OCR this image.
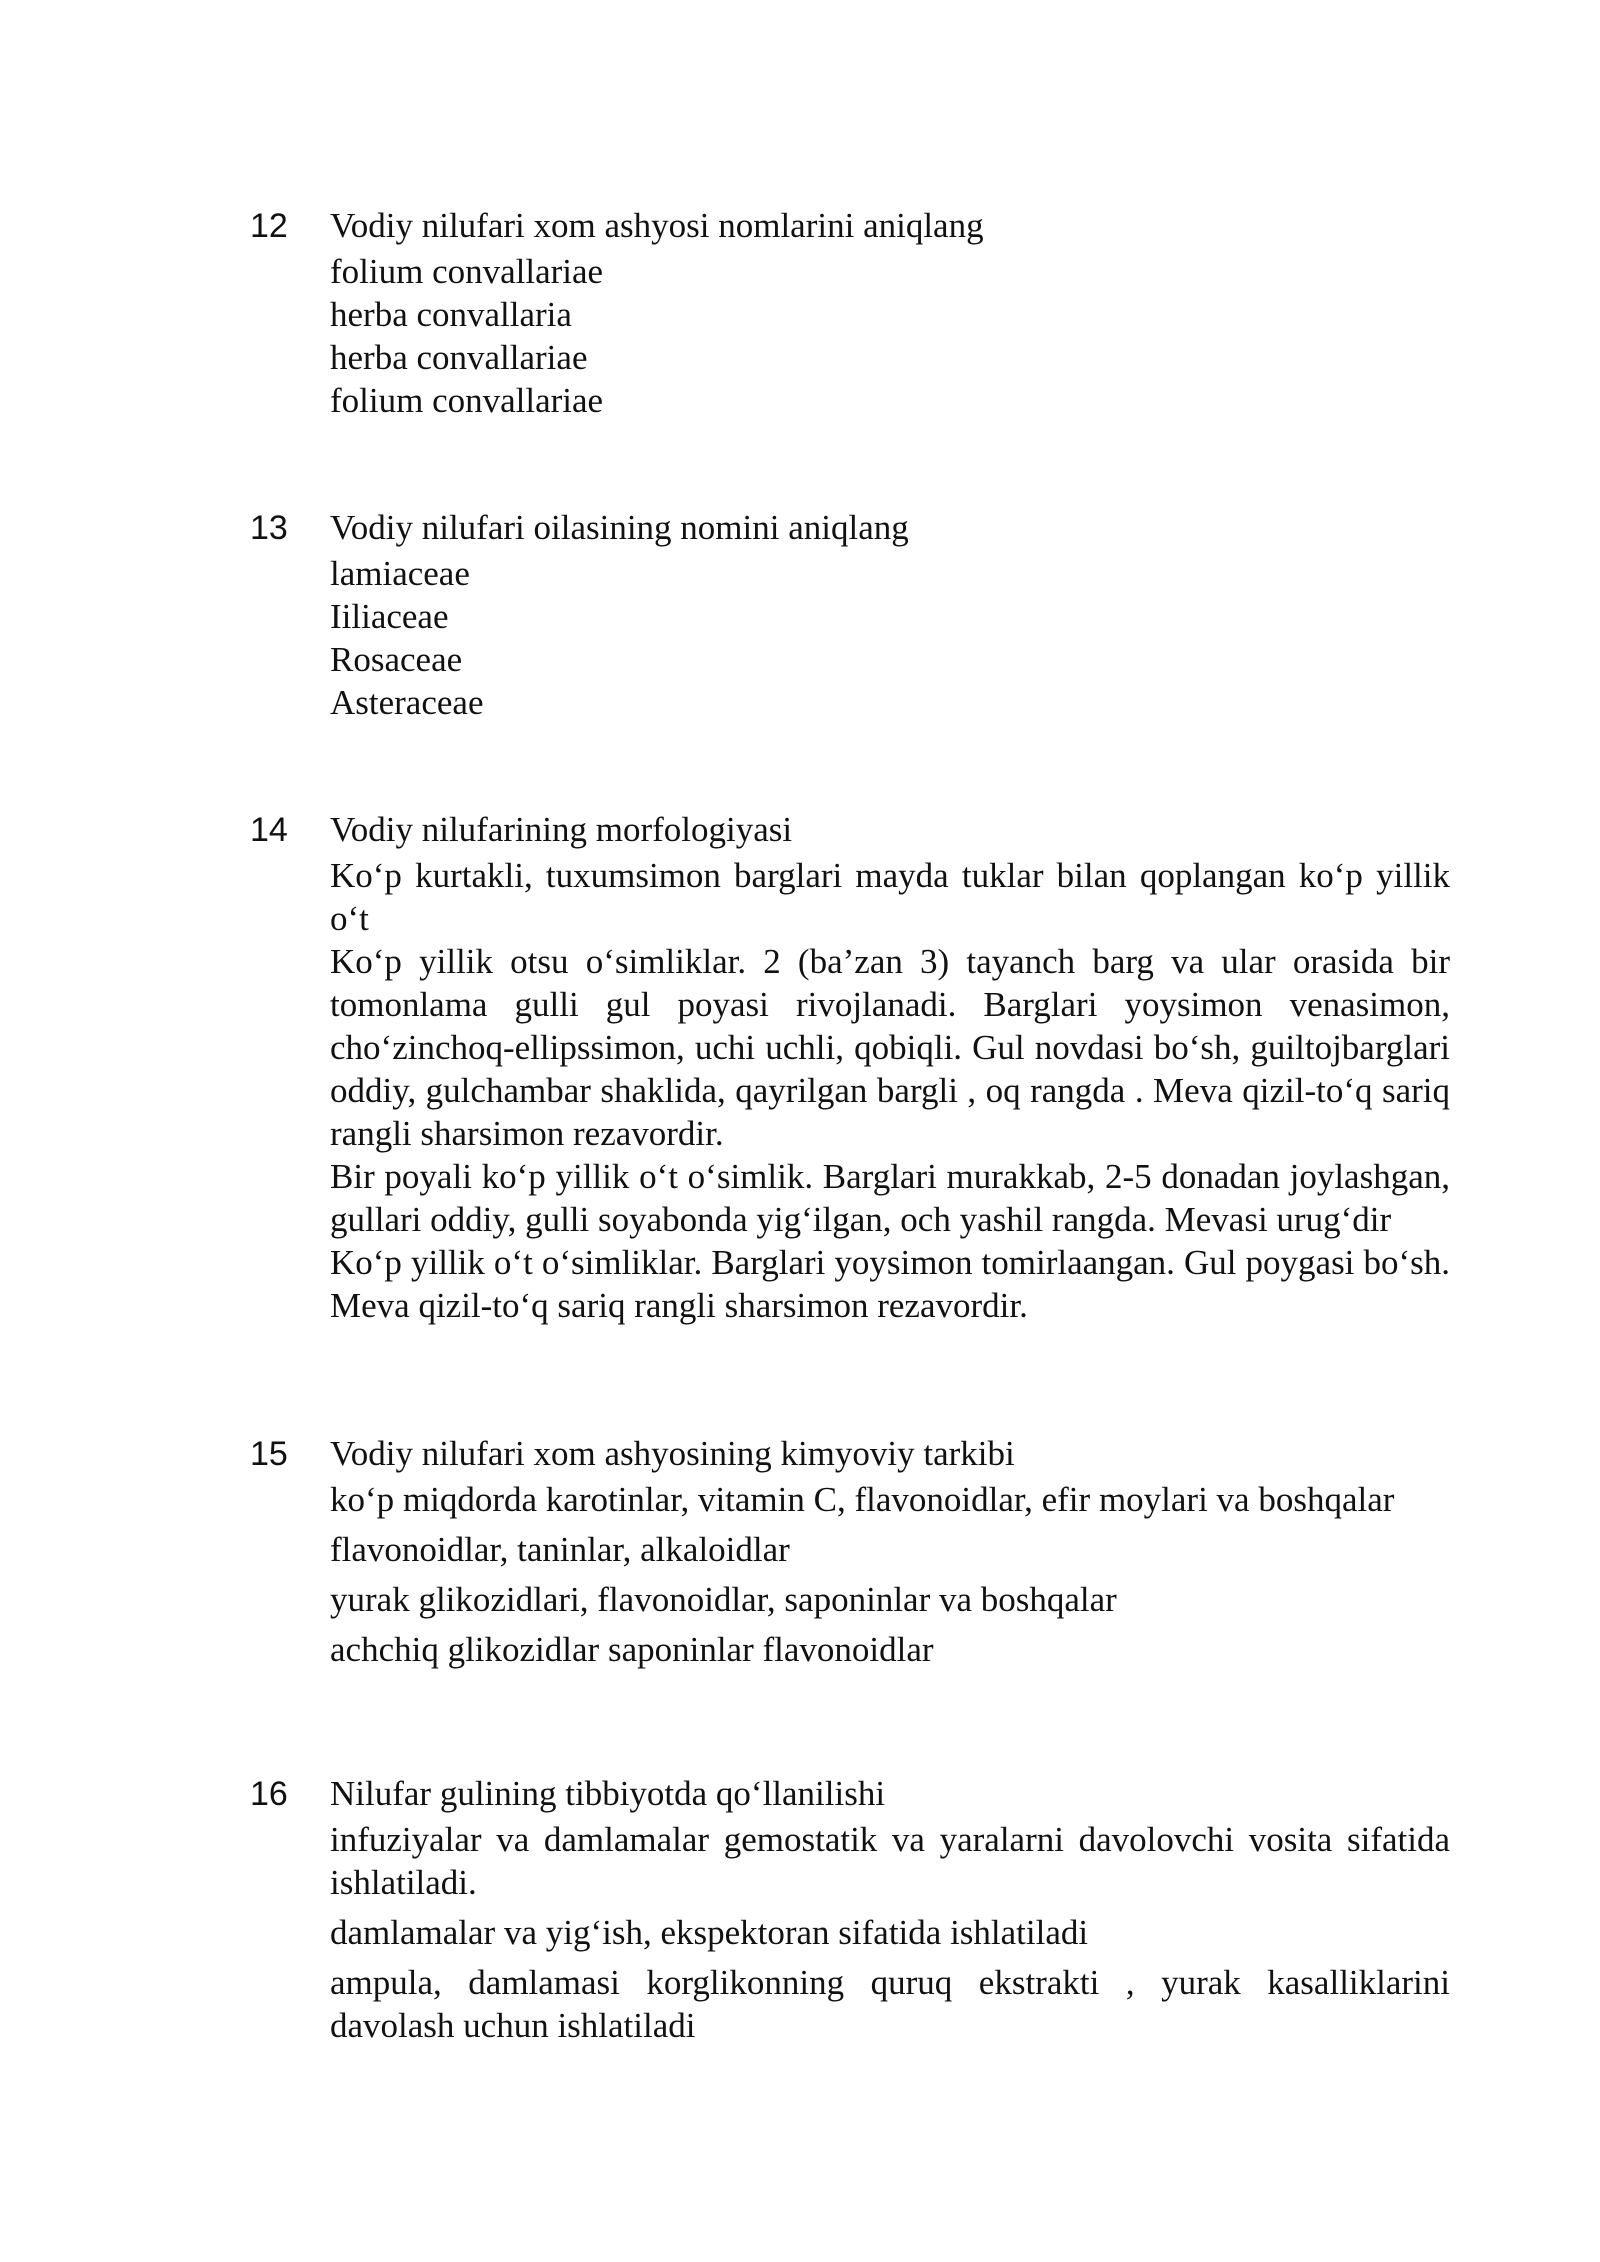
12 Vodiy nilufari xom ashyosi nomlarini aniqlang

folium convallariae
herba convallaria
herba convallariae
folium convallariae
13 Vodiy nilufari oilasining nomini aniqlang

lamiaceae
Iiliaceae
Rosaceae
Asteraceae
14 Vodiy nilufarining morfologiyasi

Ko‘p kurtakli, tuxumsimon barglari mayda tuklar bilan qoplangan ko‘p yillik o‘t
Ko‘p yillik otsu o‘simliklar. 2 (ba’zan 3) tayanch barg va ular orasida bir tomonlama gulli gul poyasi rivojlanadi. Barglari yoysimon venasimon, cho‘zinchoq-ellipssimon, uchi uchli, qobiqli. Gul novdasi bo‘sh, guiltojbarglari oddiy, gulchambar shaklida, qayrilgan bargli , oq rangda . Meva qizil-to‘q sariq rangli sharsimon rezavordir.
Bir poyali ko‘p yillik o‘t o‘simlik. Barglari murakkab, 2-5 donadan joylashgan, gullari oddiy, gulli soyabonda yig‘ilgan, och yashil rangda. Mevasi urug‘dir
Ko‘p yillik o‘t o‘simliklar. Barglari yoysimon tomirlaangan. Gul poygasi bo‘sh. Meva qizil-to‘q sariq rangli sharsimon rezavordir.
15 Vodiy nilufari xom ashyosining kimyoviy tarkibi

ko‘p miqdorda karotinlar, vitamin C, flavonoidlar, efir moylari va boshqalar
flavonoidlar, taninlar, alkaloidlar
yurak glikozidlari, flavonoidlar, saponinlar va boshqalar
achchiq glikozidlar saponinlar flavonoidlar
16 Nilufar gulining tibbiyotda qo‘llanilishi

infuziyalar va damlamalar gemostatik va yaralarni davolovchi vosita sifatida ishlatiladi.
damlamalar va yig‘ish, ekspektoran sifatida ishlatiladi
ampula, damlamasi korglikonning quruq ekstrakti , yurak kasalliklarini davolash uchun ishlatiladi
